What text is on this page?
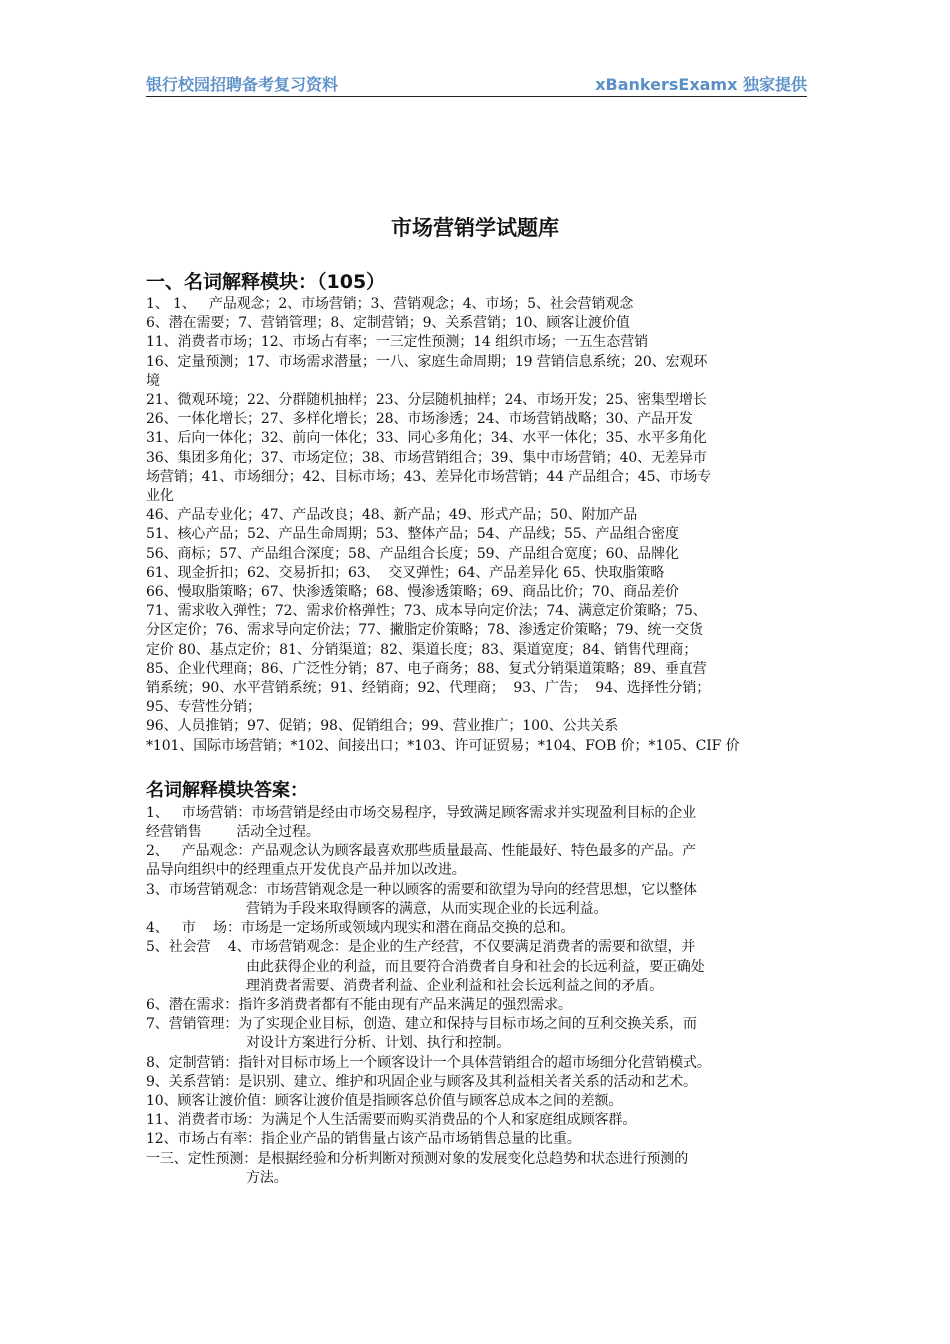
银行校园招聘备考复习资料	xBankersExamx 独家提供
市场营销学试题库
一、名词解释模块：（105）
1、 1、   产品观念；2、市场营销；3、营销观念；4、市场；5、社会营销观念
6、潜在需要；7、营销管理；8、定制营销；9、关系营销；10、顾客让渡价值
11、消费者市场；12、市场占有率；一三定性预测；14 组织市场；一五生态营销
16、定量预测；17、市场需求潜量；一八、家庭生命周期；19 营销信息系统；20、宏观环
境
21、微观环境；22、分群随机抽样；23、分层随机抽样；24、市场开发；25、密集型增长
26、一体化增长；27、多样化增长；28、市场渗透；24、市场营销战略；30、产品开发
31、后向一体化；32、前向一体化；33、同心多角化；34、水平一体化；35、水平多角化
36、集团多角化；37、市场定位；38、市场营销组合；39、集中市场营销；40、无差异市
场营销；41、市场细分；42、目标市场；43、差异化市场营销；44 产品组合；45、市场专
业化
46、产品专业化；47、产品改良；48、新产品；49、形式产品；50、附加产品
51、核心产品；52、产品生命周期；53、整体产品；54、产品线；55、产品组合密度
56、商标；57、产品组合深度；58、产品组合长度；59、产品组合宽度；60、品牌化
61、现金折扣；62、交易折扣；63、  交叉弹性；64、产品差异化 65、快取脂策略
66、慢取脂策略；67、快渗透策略；68、慢渗透策略；69、商品比价；70、商品差价
71、需求收入弹性；72、需求价格弹性；73、成本导向定价法；74、满意定价策略；75、
分区定价；76、需求导向定价法；77、撇脂定价策略；78、渗透定价策略；79、统一交货
定价 80、基点定价；81、分销渠道；82、渠道长度；83、渠道宽度；84、销售代理商；
85、企业代理商；86、广泛性分销；87、电子商务；88、复式分销渠道策略；89、垂直营
销系统；90、水平营销系统；91、经销商；92、代理商；  93、广告；  94、选择性分销；
95、专营性分销；
96、人员推销；97、促销；98、促销组合；99、营业推广；100、公共关系
*101、国际市场营销；*102、间接出口；*103、许可证贸易；*104、FOB 价；*105、CIF 价
名词解释模块答案：
1、   市场营销：市场营销是经由市场交易程序，导致满足顾客需求并实现盈利目标的企业
经营销售        活动全过程。
2、   产品观念：产品观念认为顾客最喜欢那些质量最高、性能最好、特色最多的产品。产
品导向组织中的经理重点开发优良产品并加以改进。
3、市场营销观念：市场营销观念是一种以顾客的需要和欲望为导向的经营思想，它以整体
营销为手段来取得顾客的满意，从而实现企业的长远利益。
4、   市    场：市场是一定场所或领域内现实和潜在商品交换的总和。
5、社会营    4、市场营销观念：是企业的生产经营，不仅要满足消费者的需要和欲望，并
由此获得企业的利益，而且要符合消费者自身和社会的长远利益，要正确处
理消费者需要、消费者利益、企业利益和社会长远利益之间的矛盾。
6、潜在需求：指许多消费者都有不能由现有产品来满足的强烈需求。
7、营销管理：为了实现企业目标，创造、建立和保持与目标市场之间的互利交换关系，而
对设计方案进行分析、计划、执行和控制。
8、定制营销：指针对目标市场上一个顾客设计一个具体营销组合的超市场细分化营销模式。
9、关系营销：是识别、建立、维护和巩固企业与顾客及其利益相关者关系的活动和艺术。
10、顾客让渡价值：顾客让渡价值是指顾客总价值与顾客总成本之间的差额。
11、消费者市场：为满足个人生活需要而购买消费品的个人和家庭组成顾客群。
12、市场占有率：指企业产品的销售量占该产品市场销售总量的比重。
一三、定性预测：是根据经验和分析判断对预测对象的发展变化总趋势和状态进行预测的
方法。
